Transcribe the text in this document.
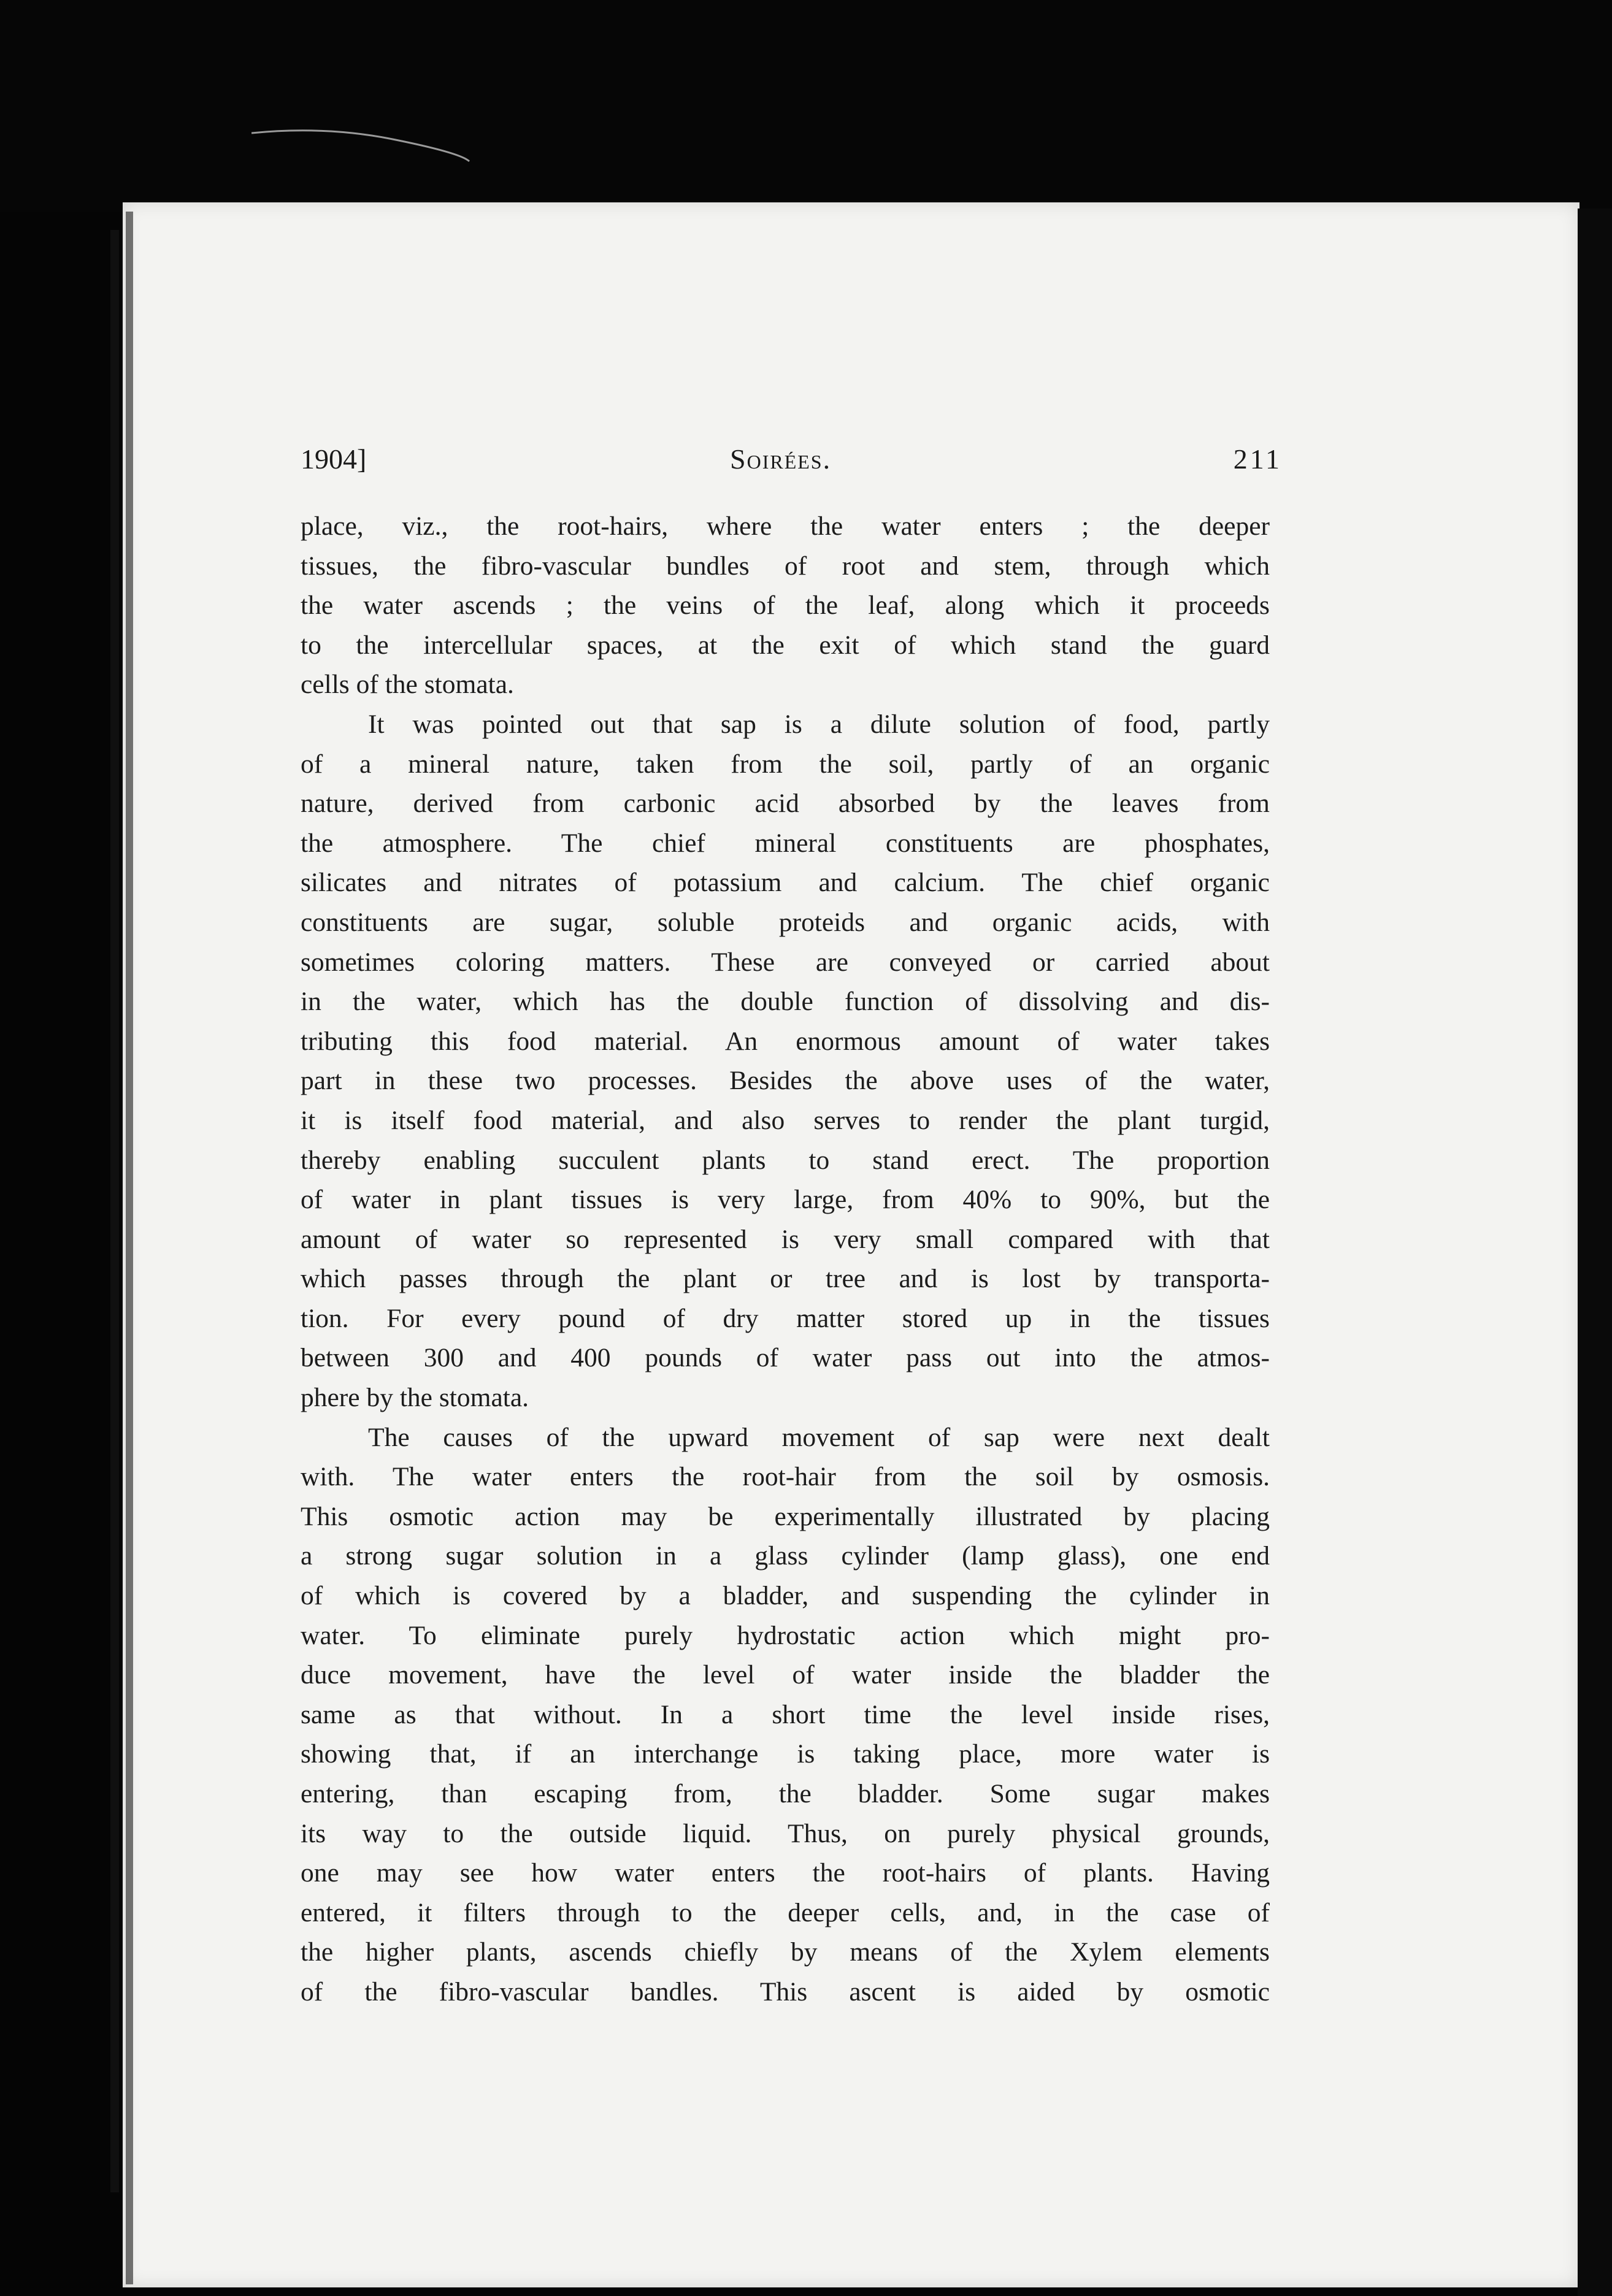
1904]	Soirées.	211
place, viz., the root-hairs, where the water enters ; the deeper
tissues, the fibro-vascular bundles of root and stem, through which
the water ascends ; the veins of the leaf, along which it proceeds
to the intercellular spaces, at the exit of which stand the guard
cells of the stomata.
It was pointed out that sap is a dilute solution of food, partly
of a mineral nature, taken from the soil, partly of an organic
nature, derived from carbonic acid absorbed by the leaves from
the atmosphere. The chief mineral constituents are phosphates,
silicates and nitrates of potassium and calcium. The chief organic
constituents are sugar, soluble proteids and organic acids, with
sometimes coloring matters. These are conveyed or carried about
in the water, which has the double function of dissolving and dis-
tributing this food material. An enormous amount of water takes
part in these two processes. Besides the above uses of the water,
it is itself food material, and also serves to render the plant turgid,
thereby enabling succulent plants to stand erect. The proportion
of water in plant tissues is very large, from 40% to 90%, but the
amount of water so represented is very small compared with that
which passes through the plant or tree and is lost by transporta-
tion. For every pound of dry matter stored up in the tissues
between 300 and 400 pounds of water pass out into the atmos-
phere by the stomata.
The causes of the upward movement of sap were next dealt
with. The water enters the root-hair from the soil by osmosis.
This osmotic action may be experimentally illustrated by placing
a strong sugar solution in a glass cylinder (lamp glass), one end
of which is covered by a bladder, and suspending the cylinder in
water. To eliminate purely hydrostatic action which might pro-
duce movement, have the level of water inside the bladder the
same as that without. In a short time the level inside rises,
showing that, if an interchange is taking place, more water is
entering, than escaping from, the bladder. Some sugar makes
its way to the outside liquid. Thus, on purely physical grounds,
one may see how water enters the root-hairs of plants. Having
entered, it filters through to the deeper cells, and, in the case of
the higher plants, ascends chiefly by means of the Xylem elements
of the fibro-vascular bandles. This ascent is aided by osmotic
